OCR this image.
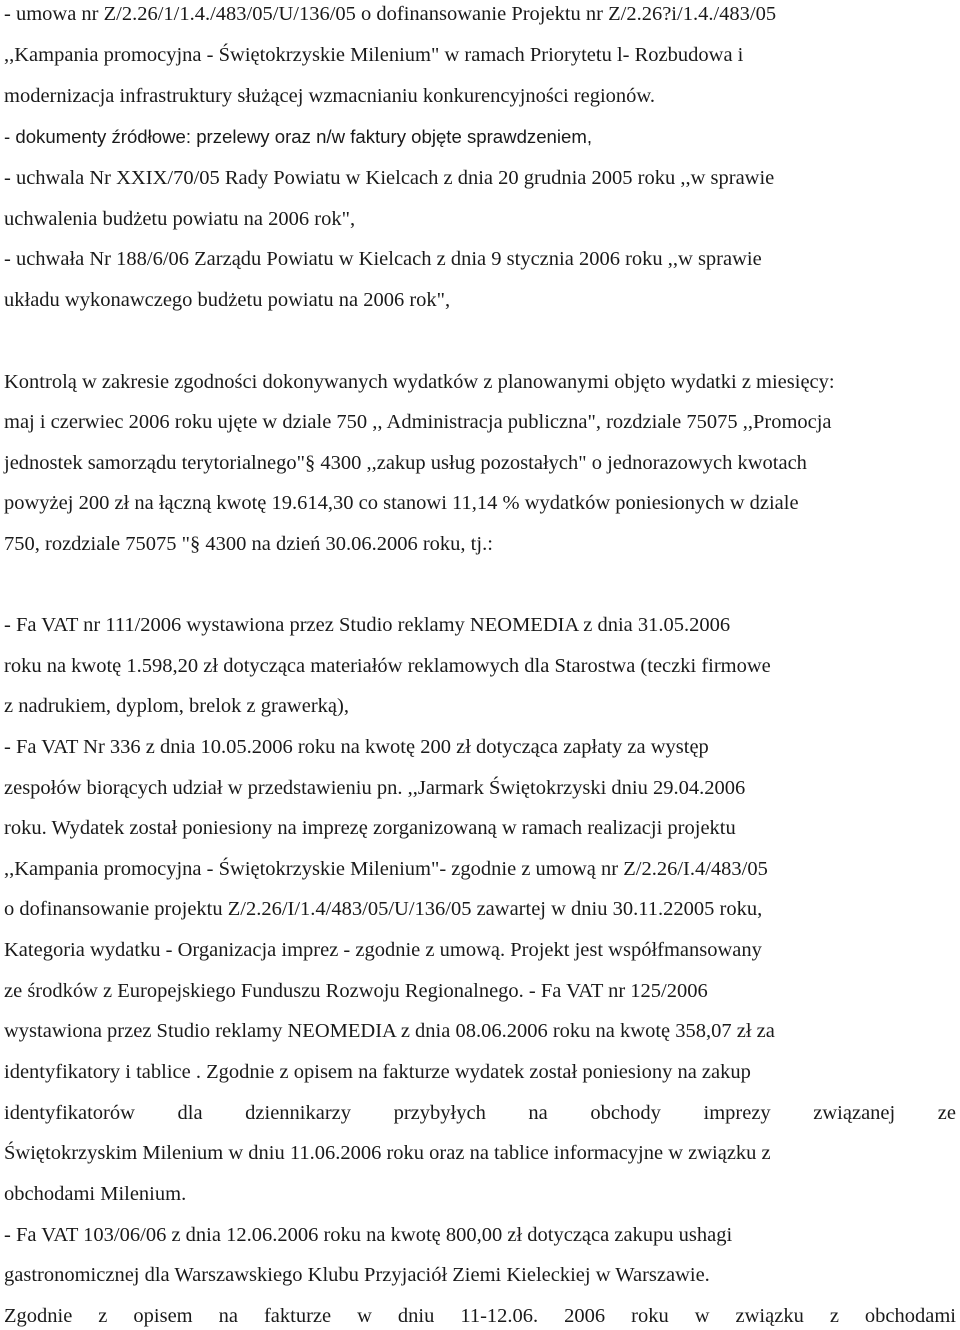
- umowa nr Z/2.26/1/1.4./483/05/U/136/05 o dofinansowanie Projektu nr Z/2.26?i/1.4./483/05
,,Kampania promocyjna - Świętokrzyskie Milenium" w ramach Priorytetu l- Rozbudowa i
modernizacja infrastruktury służącej wzmacnianiu konkurencyjności regionów.
- dokumenty źródłowe: przelewy oraz n/w faktury objęte sprawdzeniem,
- uchwala Nr XXIX/70/05 Rady Powiatu w Kielcach z dnia 20 grudnia 2005 roku ,,w sprawie
uchwalenia budżetu powiatu na 2006 rok",
- uchwała Nr 188/6/06 Zarządu Powiatu w Kielcach z dnia 9 stycznia 2006 roku ,,w sprawie
układu wykonawczego budżetu powiatu na 2006 rok",
Kontrolą w zakresie zgodności dokonywanych wydatków z planowanymi objęto wydatki z miesięcy:
maj i czerwiec 2006 roku ujęte w dziale 750 ,, Administracja publiczna", rozdziale 75075 ,,Promocja
jednostek samorządu terytorialnego"§ 4300 ,,zakup usług pozostałych" o jednorazowych kwotach
powyżej 200 zł na łączną kwotę 19.614,30 co stanowi 11,14 % wydatków poniesionych w dziale
750, rozdziale 75075 "§ 4300 na dzień 30.06.2006 roku, tj.:
- Fa VAT nr 111/2006 wystawiona przez Studio reklamy NEOMEDIA z dnia 31.05.2006
roku na kwotę 1.598,20 zł dotycząca materiałów reklamowych dla Starostwa (teczki firmowe
z nadrukiem, dyplom, brelok z grawerką),
- Fa VAT Nr 336 z dnia 10.05.2006 roku na kwotę 200 zł dotycząca zapłaty za występ
zespołów biorących udział w przedstawieniu pn. ,,Jarmark Świętokrzyski dniu 29.04.2006
roku. Wydatek został poniesiony na imprezę zorganizowaną w ramach realizacji projektu
,,Kampania promocyjna - Świętokrzyskie Milenium"- zgodnie z umową nr Z/2.26/I.4/483/05
o dofinansowanie projektu Z/2.26/I/1.4/483/05/U/136/05 zawartej w dniu 30.11.22005 roku,
Kategoria wydatku - Organizacja imprez - zgodnie z umową. Projekt jest współfmansowany
ze środków z Europejskiego Funduszu Rozwoju Regionalnego. - Fa VAT nr 125/2006
wystawiona przez Studio reklamy NEOMEDIA z dnia 08.06.2006 roku na kwotę 358,07 zł za
identyfikatory i tablice . Zgodnie z opisem na fakturze wydatek został poniesiony na zakup
identyfikatorów dla dziennikarzy przybyłych na obchody imprezy związanej ze
Świętokrzyskim Milenium w dniu 11.06.2006 roku oraz na tablice informacyjne w związku z
obchodami Milenium.
- Fa VAT 103/06/06 z dnia 12.06.2006 roku na kwotę 800,00 zł dotycząca zakupu ushagi
gastronomicznej dla Warszawskiego Klubu Przyjaciół Ziemi Kieleckiej w Warszawie.
Zgodnie z opisem na fakturze w dniu 11-12.06. 2006 roku w związku z obchodami
